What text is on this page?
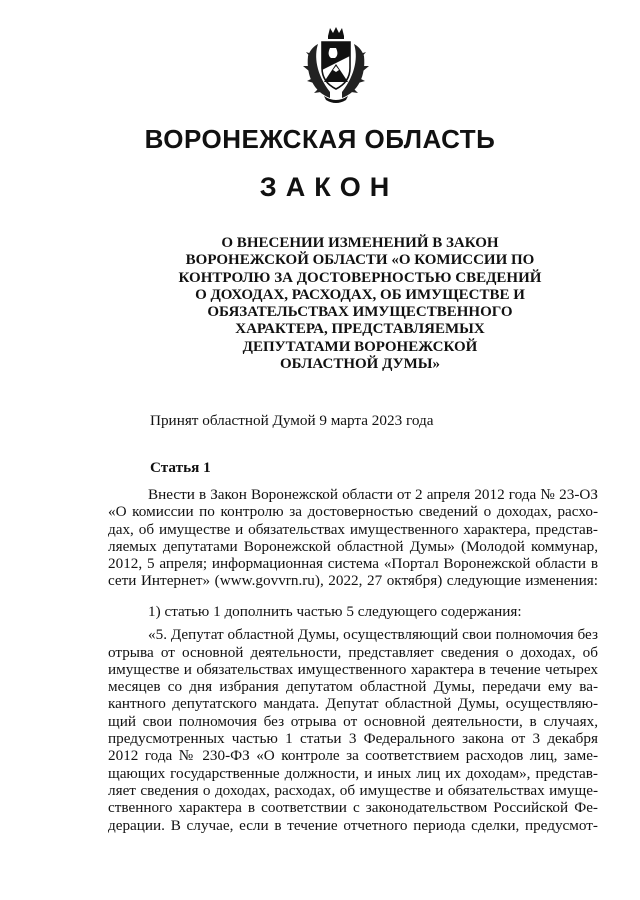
ВОРОНЕЖСКАЯ ОБЛАСТЬ
ЗАКОН
О ВНЕСЕНИИ ИЗМЕНЕНИЙ В ЗАКОН
ВОРОНЕЖСКОЙ ОБЛАСТИ «О КОМИССИИ ПО
КОНТРОЛЮ ЗА ДОСТОВЕРНОСТЬЮ СВЕДЕНИЙ
О ДОХОДАХ, РАСХОДАХ, ОБ ИМУЩЕСТВЕ И
ОБЯЗАТЕЛЬСТВАХ ИМУЩЕСТВЕННОГО
ХАРАКТЕРА, ПРЕДСТАВЛЯЕМЫХ
ДЕПУТАТАМИ ВОРОНЕЖСКОЙ
ОБЛАСТНОЙ ДУМЫ»
Принят областной Думой 9 марта 2023 года
Статья 1
Внести в Закон Воронежской области от 2 апреля 2012 года № 23-ОЗ
«О комиссии по контролю за достоверностью сведений о доходах, расхо-
дах, об имуществе и обязательствах имущественного характера, представ-
ляемых депутатами Воронежской областной Думы» (Молодой коммунар,
2012, 5 апреля; информационная система «Портал Воронежской области в
сети Интернет» (www.govvrn.ru), 2022, 27 октября) следующие изменения:
1) статью 1 дополнить частью 5 следующего содержания:
«5. Депутат областной Думы, осуществляющий свои полномочия без
отрыва от основной деятельности, представляет сведения о доходах, об
имуществе и обязательствах имущественного характера в течение четырех
месяцев со дня избрания депутатом областной Думы, передачи ему ва-
кантного депутатского мандата. Депутат областной Думы, осуществляю-
щий свои полномочия без отрыва от основной деятельности, в случаях,
предусмотренных частью 1 статьи 3 Федерального закона от 3 декабря
2012 года № 230-ФЗ «О контроле за соответствием расходов лиц, заме-
щающих государственные должности, и иных лиц их доходам», представ-
ляет сведения о доходах, расходах, об имуществе и обязательствах имуще-
ственного характера в соответствии с законодательством Российской Фе-
дерации. В случае, если в течение отчетного периода сделки, предусмот-
